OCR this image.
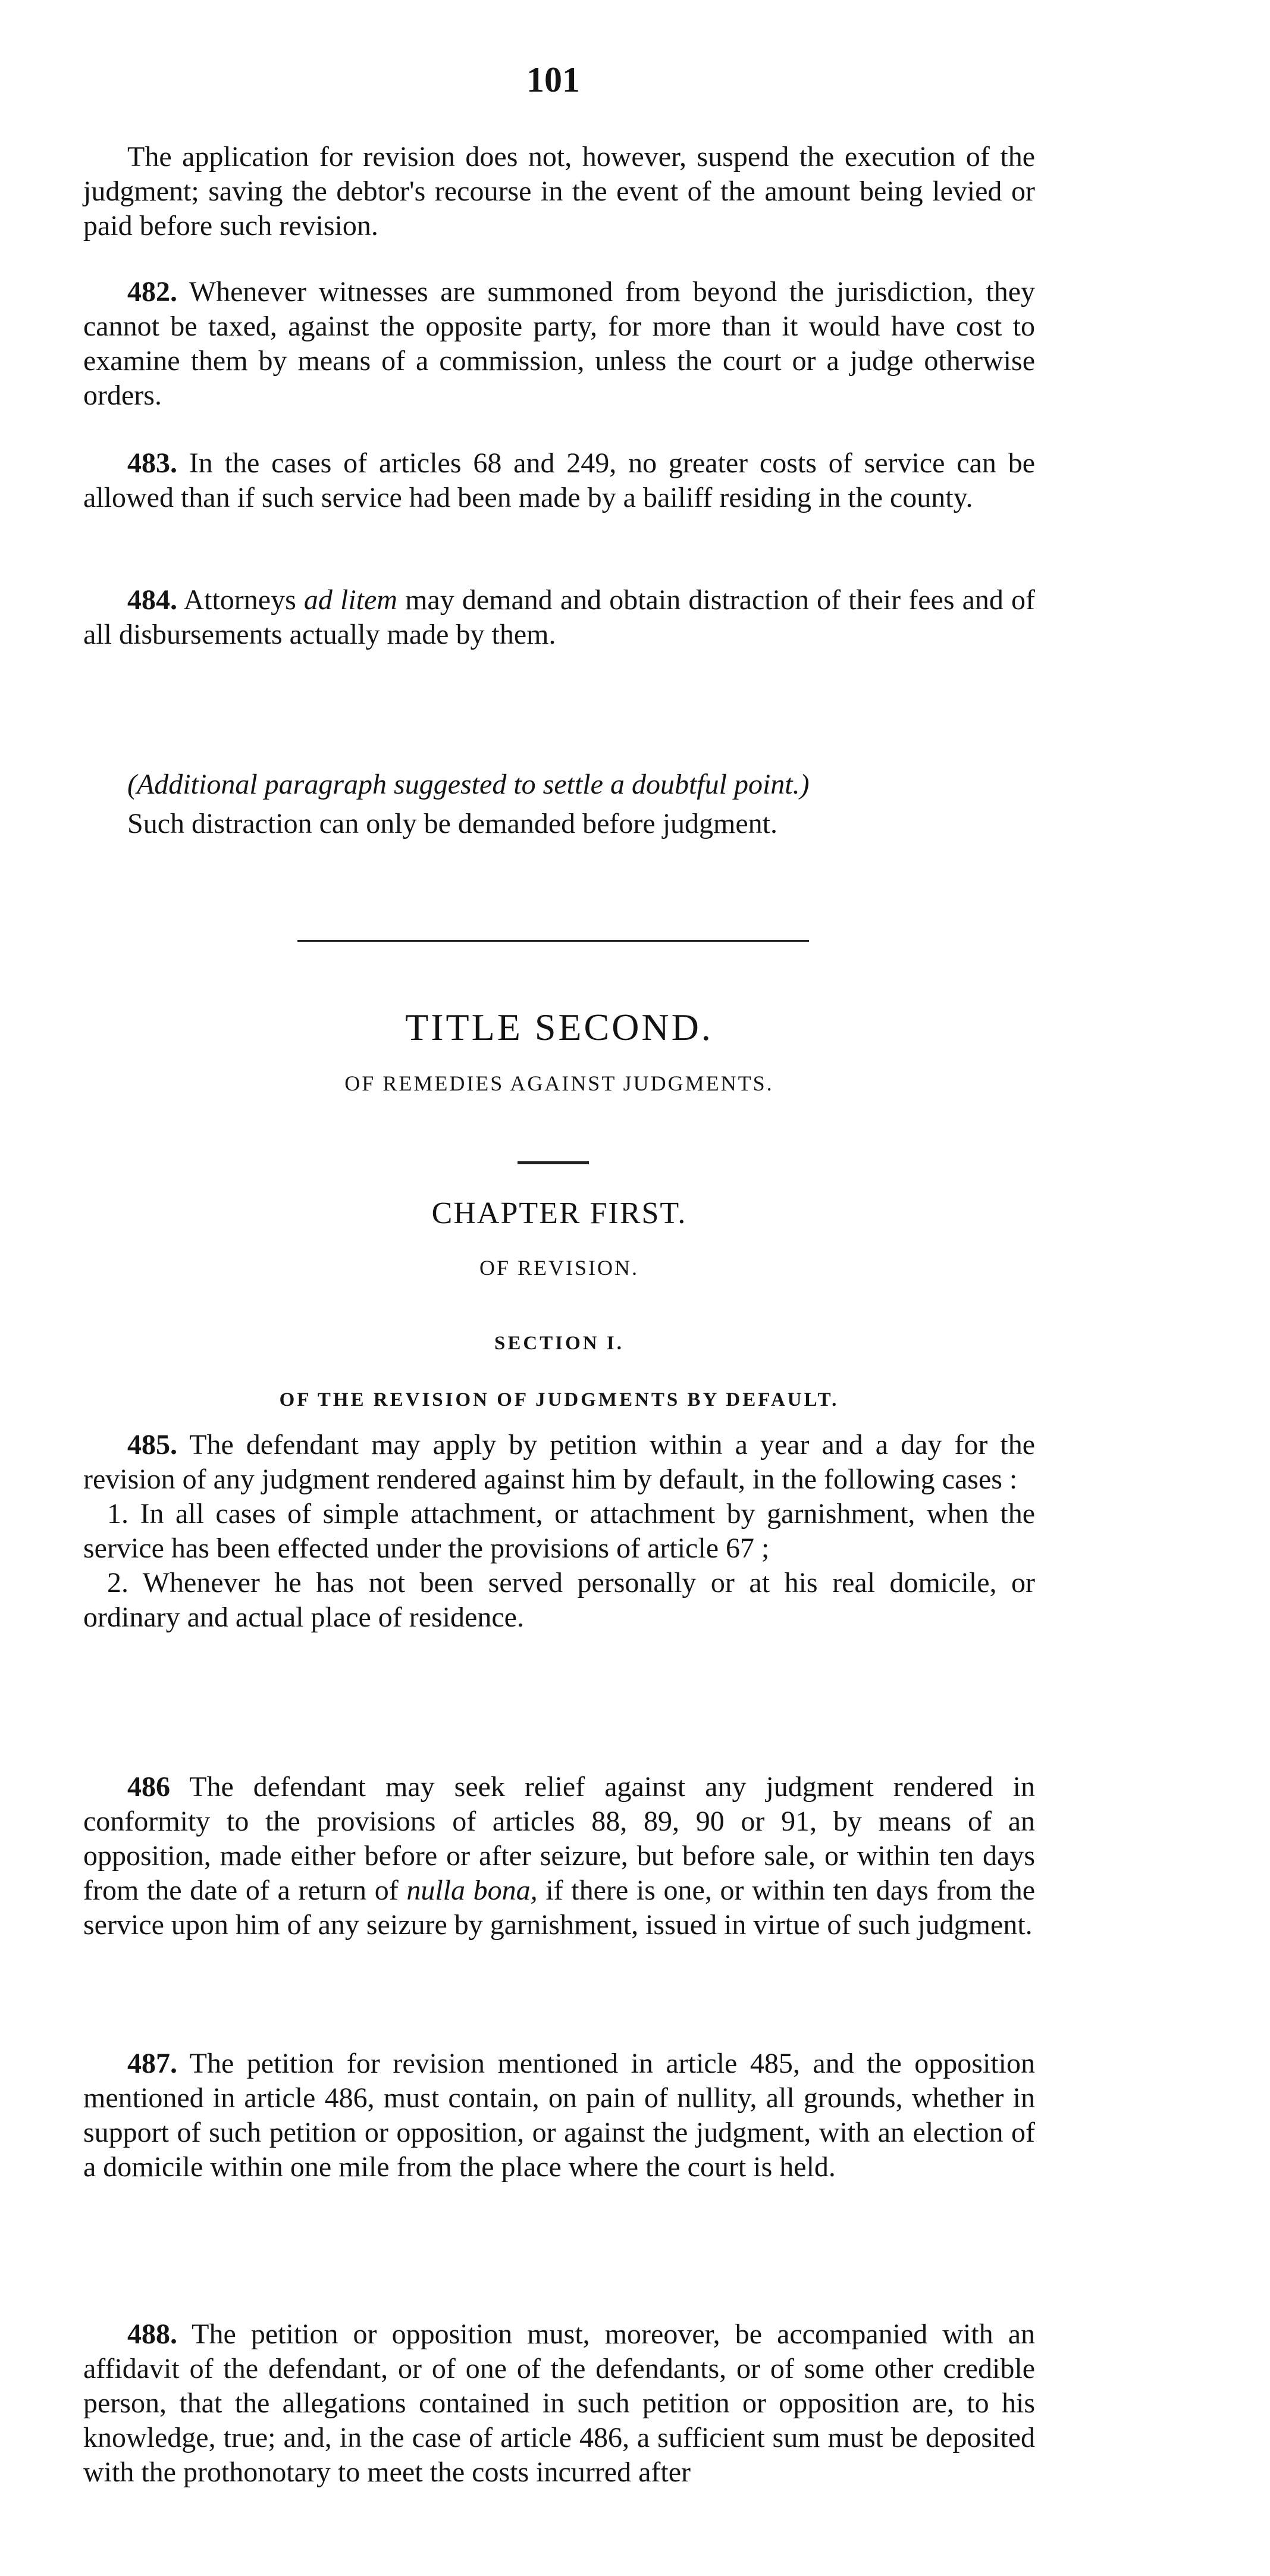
101

The application for revision does not, however, suspend the execution of the judgment; saving the debtor's recourse in the event of the amount being levied or paid before such revision.

482. Whenever witnesses are summoned from beyond the jurisdiction, they cannot be taxed, against the opposite party, for more than it would have cost to examine them by means of a commission, unless the court or a judge otherwise orders.

483. In the cases of articles 68 and 249, no greater costs of service can be allowed than if such service had been made by a bailiff residing in the county.

484. Attorneys ad litem may demand and obtain distraction of their fees and of all disbursements actually made by them.

(Additional paragraph suggested to settle a doubtful point.)

Such distraction can only be demanded before judgment.

TITLE SECOND.

OF REMEDIES AGAINST JUDGMENTS.

CHAPTER FIRST.

OF REVISION.

SECTION I.

OF THE REVISION OF JUDGMENTS BY DEFAULT.

485. The defendant may apply by petition within a year and a day for the revision of any judgment rendered against him by default, in the following cases :

1. In all cases of simple attachment, or attachment by garnishment, when the service has been effected under the provisions of article 67 ;

2. Whenever he has not been served personally or at his real domicile, or ordinary and actual place of residence.

486 The defendant may seek relief against any judgment rendered in conformity to the provisions of articles 88, 89, 90 or 91, by means of an opposition, made either before or after seizure, but before sale, or within ten days from the date of a return of nulla bona, if there is one, or within ten days from the service upon him of any seizure by garnishment, issued in virtue of such judgment.

487. The petition for revision mentioned in article 485, and the opposition mentioned in article 486, must contain, on pain of nullity, all grounds, whether in support of such petition or opposition, or against the judgment, with an election of a domicile within one mile from the place where the court is held.

488. The petition or opposition must, moreover, be accompanied with an affidavit of the defendant, or of one of the defendants, or of some other credible person, that the allegations contained in such petition or opposition are, to his knowledge, true; and, in the case of article 486, a sufficient sum must be deposited with the prothonotary to meet the costs incurred after
